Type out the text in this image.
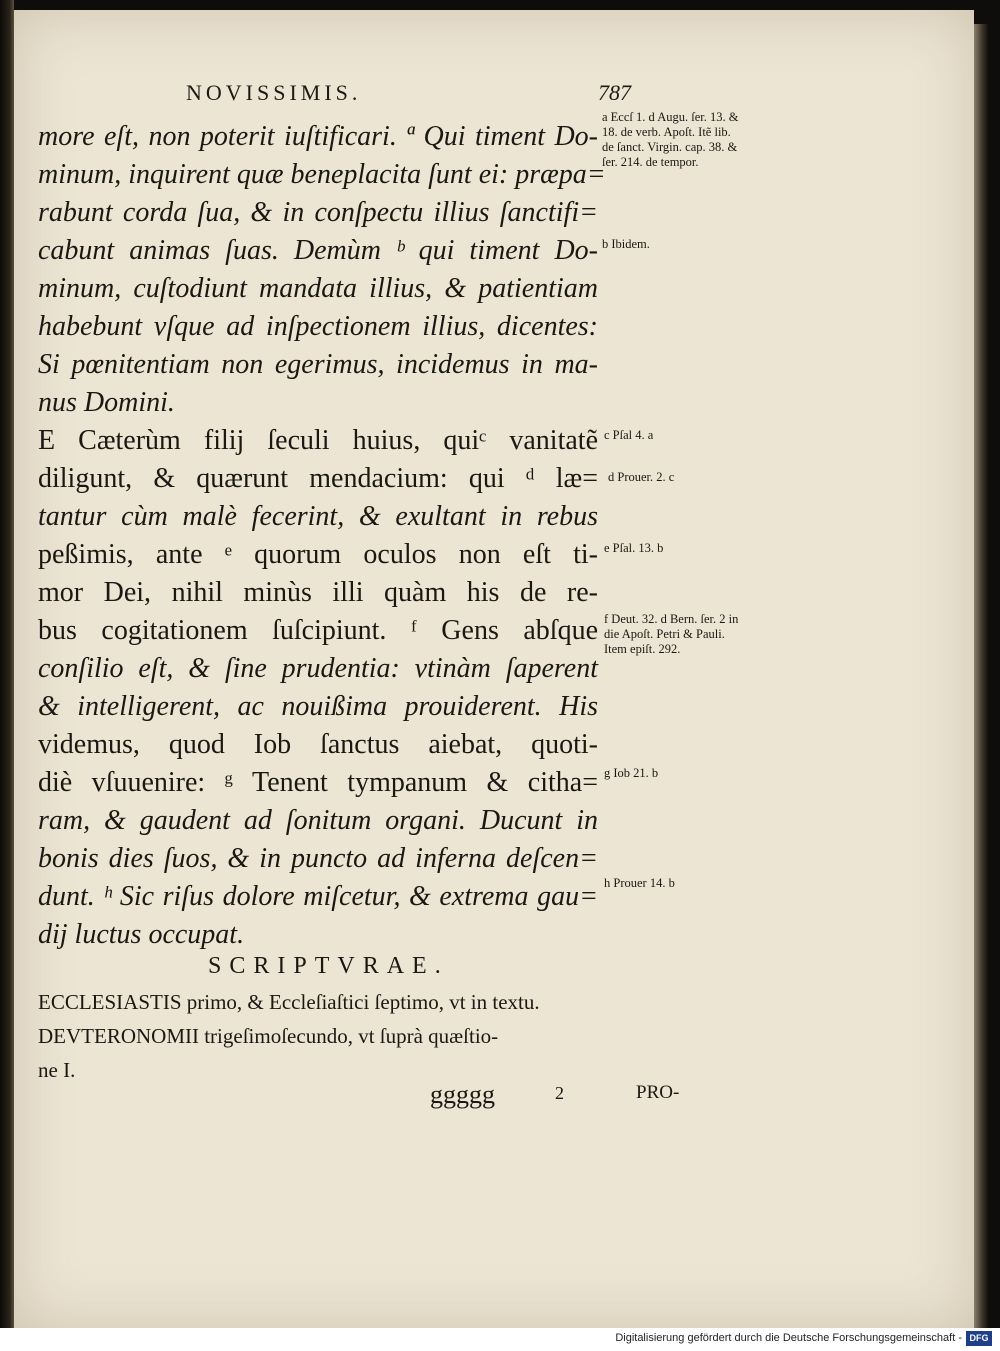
NOVISSIMIS.	787
more eſt, non poterit iuſtificari. ª Qui timent Do-
minum, inquirent quæ beneplacita ſunt ei: præpa=
rabunt corda ſua, & in conſpectu illius ſanctifi=
cabunt animas ſuas. Demùm ᵇ qui timent Do-
minum, cuſtodiunt mandata illius, & patientiam
habebunt vſque ad inſpectionem illius, dicentes:
Si pœnitentiam non egerimus, incidemus in ma-
nus Domini.
E Cæterùm filij ſeculi huius, quiᶜ vanitatẽ
diligunt, & quærunt mendacium: qui ᵈ læ=
tantur cùm malè fecerint, & exultant in rebus
peßimis, ante ᵉ quorum oculos non eſt ti-
mor Dei, nihil minùs illi quàm his de re-
bus cogitationem ſuſcipiunt. ᶠ Gens abſque
conſilio eſt, & ſine prudentia: vtinàm ſaperent
& intelligerent, ac nouißima prouiderent. His
videmus, quod Iob ſanctus aiebat, quoti-
diè vſuuenire: ᵍ Tenent tympanum & citha=
ram, & gaudent ad ſonitum organi. Ducunt in
bonis dies ſuos, & in puncto ad inferna deſcen=
dunt. ʰ Sic riſus dolore miſcetur, & extrema gau=
dij luctus occupat.
a Eccſ 1. d Augu. ſer. 13. &
18. de verb. Apoſt. Itẽ lib.
de ſanct. Virgin. cap. 38. &
ſer. 214. de tempor.
b Ibidem.
c Pſal 4. a
d Prouer. 2. c
e Pſal. 13. b
f Deut. 32. d Bern. ſer. 2 in
die Apoſt. Petri & Pauli.
Item epiſt. 292.
g Iob 21. b
h Prouer 14. b
SCRIPTVRAE.
ECCLESIASTIS primo, & Eccleſiaſtici ſeptimo, vt in textu.
DEVTERONOMII trigeſimoſecundo, vt ſuprà quæſtio-
ne I.
ggggg	2	PRO-
Digitalisierung gefördert durch die Deutsche Forschungsgemeinschaft - DFG
